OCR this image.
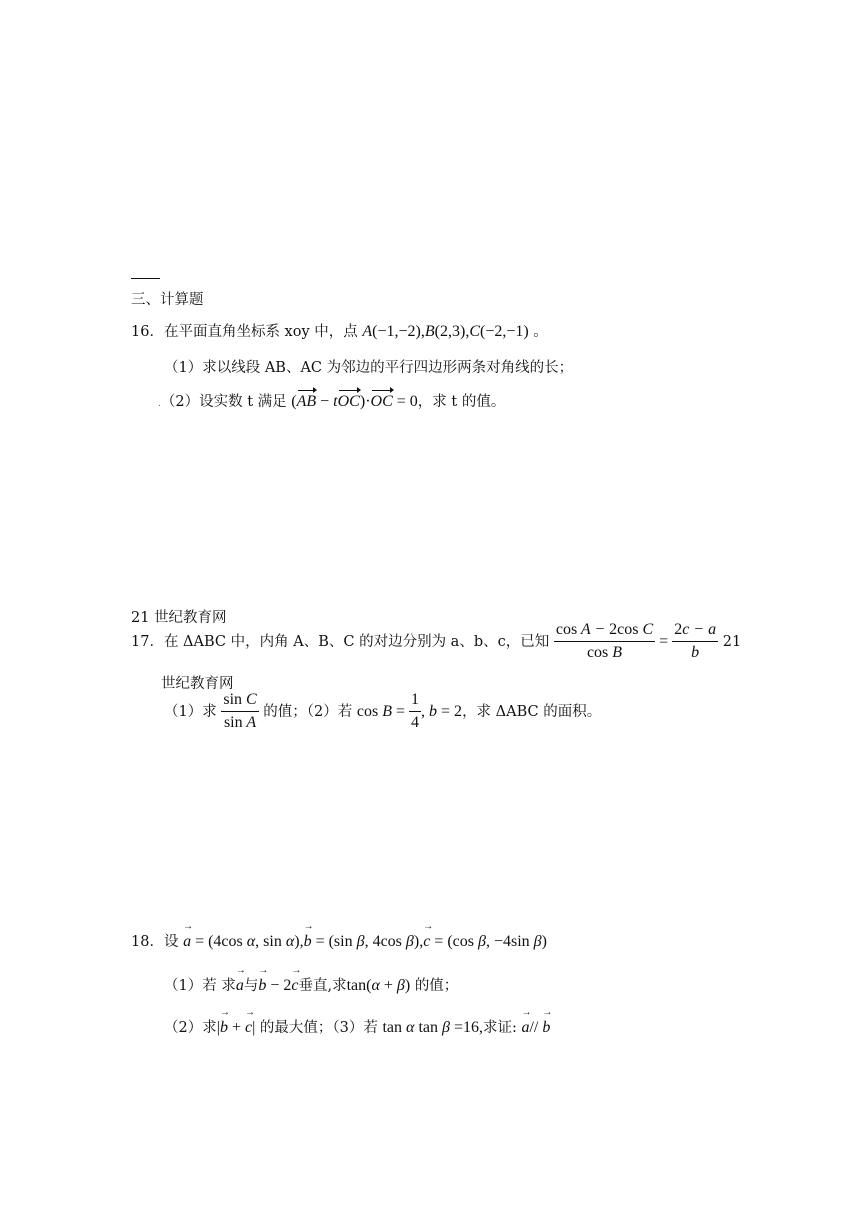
三、计算题
16．在平面直角坐标系 xoy 中，点 A(−1,−2),B(2,3),C(−2,−1) 。
（1）求以线段 AB、AC 为邻边的平行四边形两条对角线的长；
.（2）设实数 t 满足 (AB − tOC)·OC = 0，求 t 的值。
21 世纪教育网
17．在 ΔABC 中，内角 A、B、C 的对边分别为 a、b、c，已知 $\frac{\text{cos A − 2cos C}}{\text{cos B}} = \frac{2c - a}{b} 21$
世纪教育网
（1）求 $\frac{\text{sin C}}{\text{sin A}}$ 的值；（2）若 $\cos B = \frac{1}{4}$ , b = 2，求 ΔABC 的面积。
18．设 → a = (4cos α, sin α),→ b = (sin β, 4cos β),→ c = (cos β, −4sin β)
（1）若 求→ a与→ b − 2→ c垂直,求tan(α + β) 的值；
（2）求|→ b + → c| 的最大值；（3）若 tan α tan β =16,求证: → a// → b
